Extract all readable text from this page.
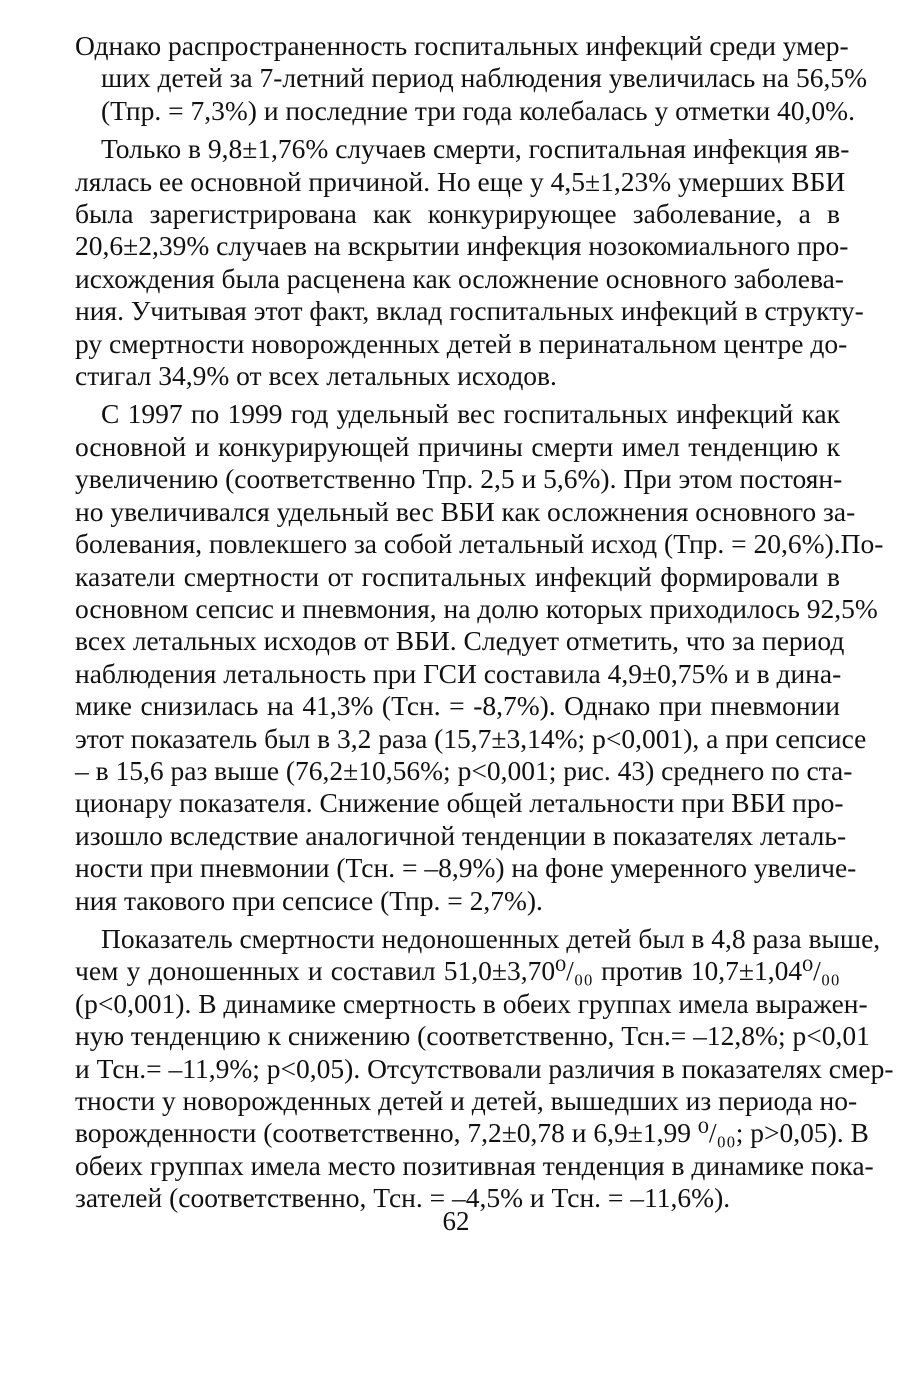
Однако распространенность госпитальных инфекций среди умер-
ших детей за 7-летний период наблюдения увеличилась на 56,5%
(Тпр. = 7,3%) и последние три года колебалась у отметки 40,0%.

Только в 9,8±1,76% случаев смерти, госпитальная инфекция яв-
лялась ее основной причиной. Но еще у 4,5±1,23% умерших ВБИ
была зарегистрирована как конкурирующее заболевание, а в
20,6±2,39% случаев на вскрытии инфекция нозокомиального про-
исхождения была расценена как осложнение основного заболева-
ния. Учитывая этот факт, вклад госпитальных инфекций в структу-
ру смертности новорожденных детей в перинатальном центре до-
стигал 34,9% от всех летальных исходов.

С 1997 по 1999 год удельный вес госпитальных инфекций как
основной и конкурирующей причины смерти имел тенденцию к
увеличению (соответственно Тпр. 2,5 и 5,6%). При этом постоян-
но увеличивался удельный вес ВБИ как осложнения основного за-
болевания, повлекшего за собой летальный исход (Тпр. = 20,6%).По-
казатели смертности от госпитальных инфекций формировали в
основном сепсис и пневмония, на долю которых приходилось 92,5%
всех летальных исходов от ВБИ. Следует отметить, что за период
наблюдения летальность при ГСИ составила 4,9±0,75% и в дина-
мике снизилась на 41,3% (Тсн. = -8,7%). Однако при пневмонии
этот показатель был в 3,2 раза (15,7±3,14%; p<0,001), а при сепсисе
– в 15,6 раз выше (76,2±10,56%; p<0,001; рис. 43) среднего по ста-
ционару показателя. Снижение общей летальности при ВБИ про-
изошло вследствие аналогичной тенденции в показателях леталь-
ности при пневмонии (Тсн. = –8,9%) на фоне умеренного увеличе-
ния такового при сепсисе (Тпр. = 2,7%).

Показатель смертности недоношенных детей был в 4,8 раза выше,
чем у доношенных и составил 51,0±3,70⁰/₀₀ против 10,7±1,04⁰/₀₀
(p<0,001). В динамике смертность в обеих группах имела выражен-
ную тенденцию к снижению (соответственно, Тсн.= –12,8%; p<0,01
и Тсн.= –11,9%; p<0,05). Отсутствовали различия в показателях смер-
тности у новорожденных детей и детей, вышедших из периода но-
ворожденности (соответственно, 7,2±0,78 и 6,9±1,99 ⁰/₀₀; p>0,05). В
обеих группах имела место позитивная тенденция в динамике пока-
зателей (соответственно, Тсн. = –4,5% и Тсн. = –11,6%).

62
